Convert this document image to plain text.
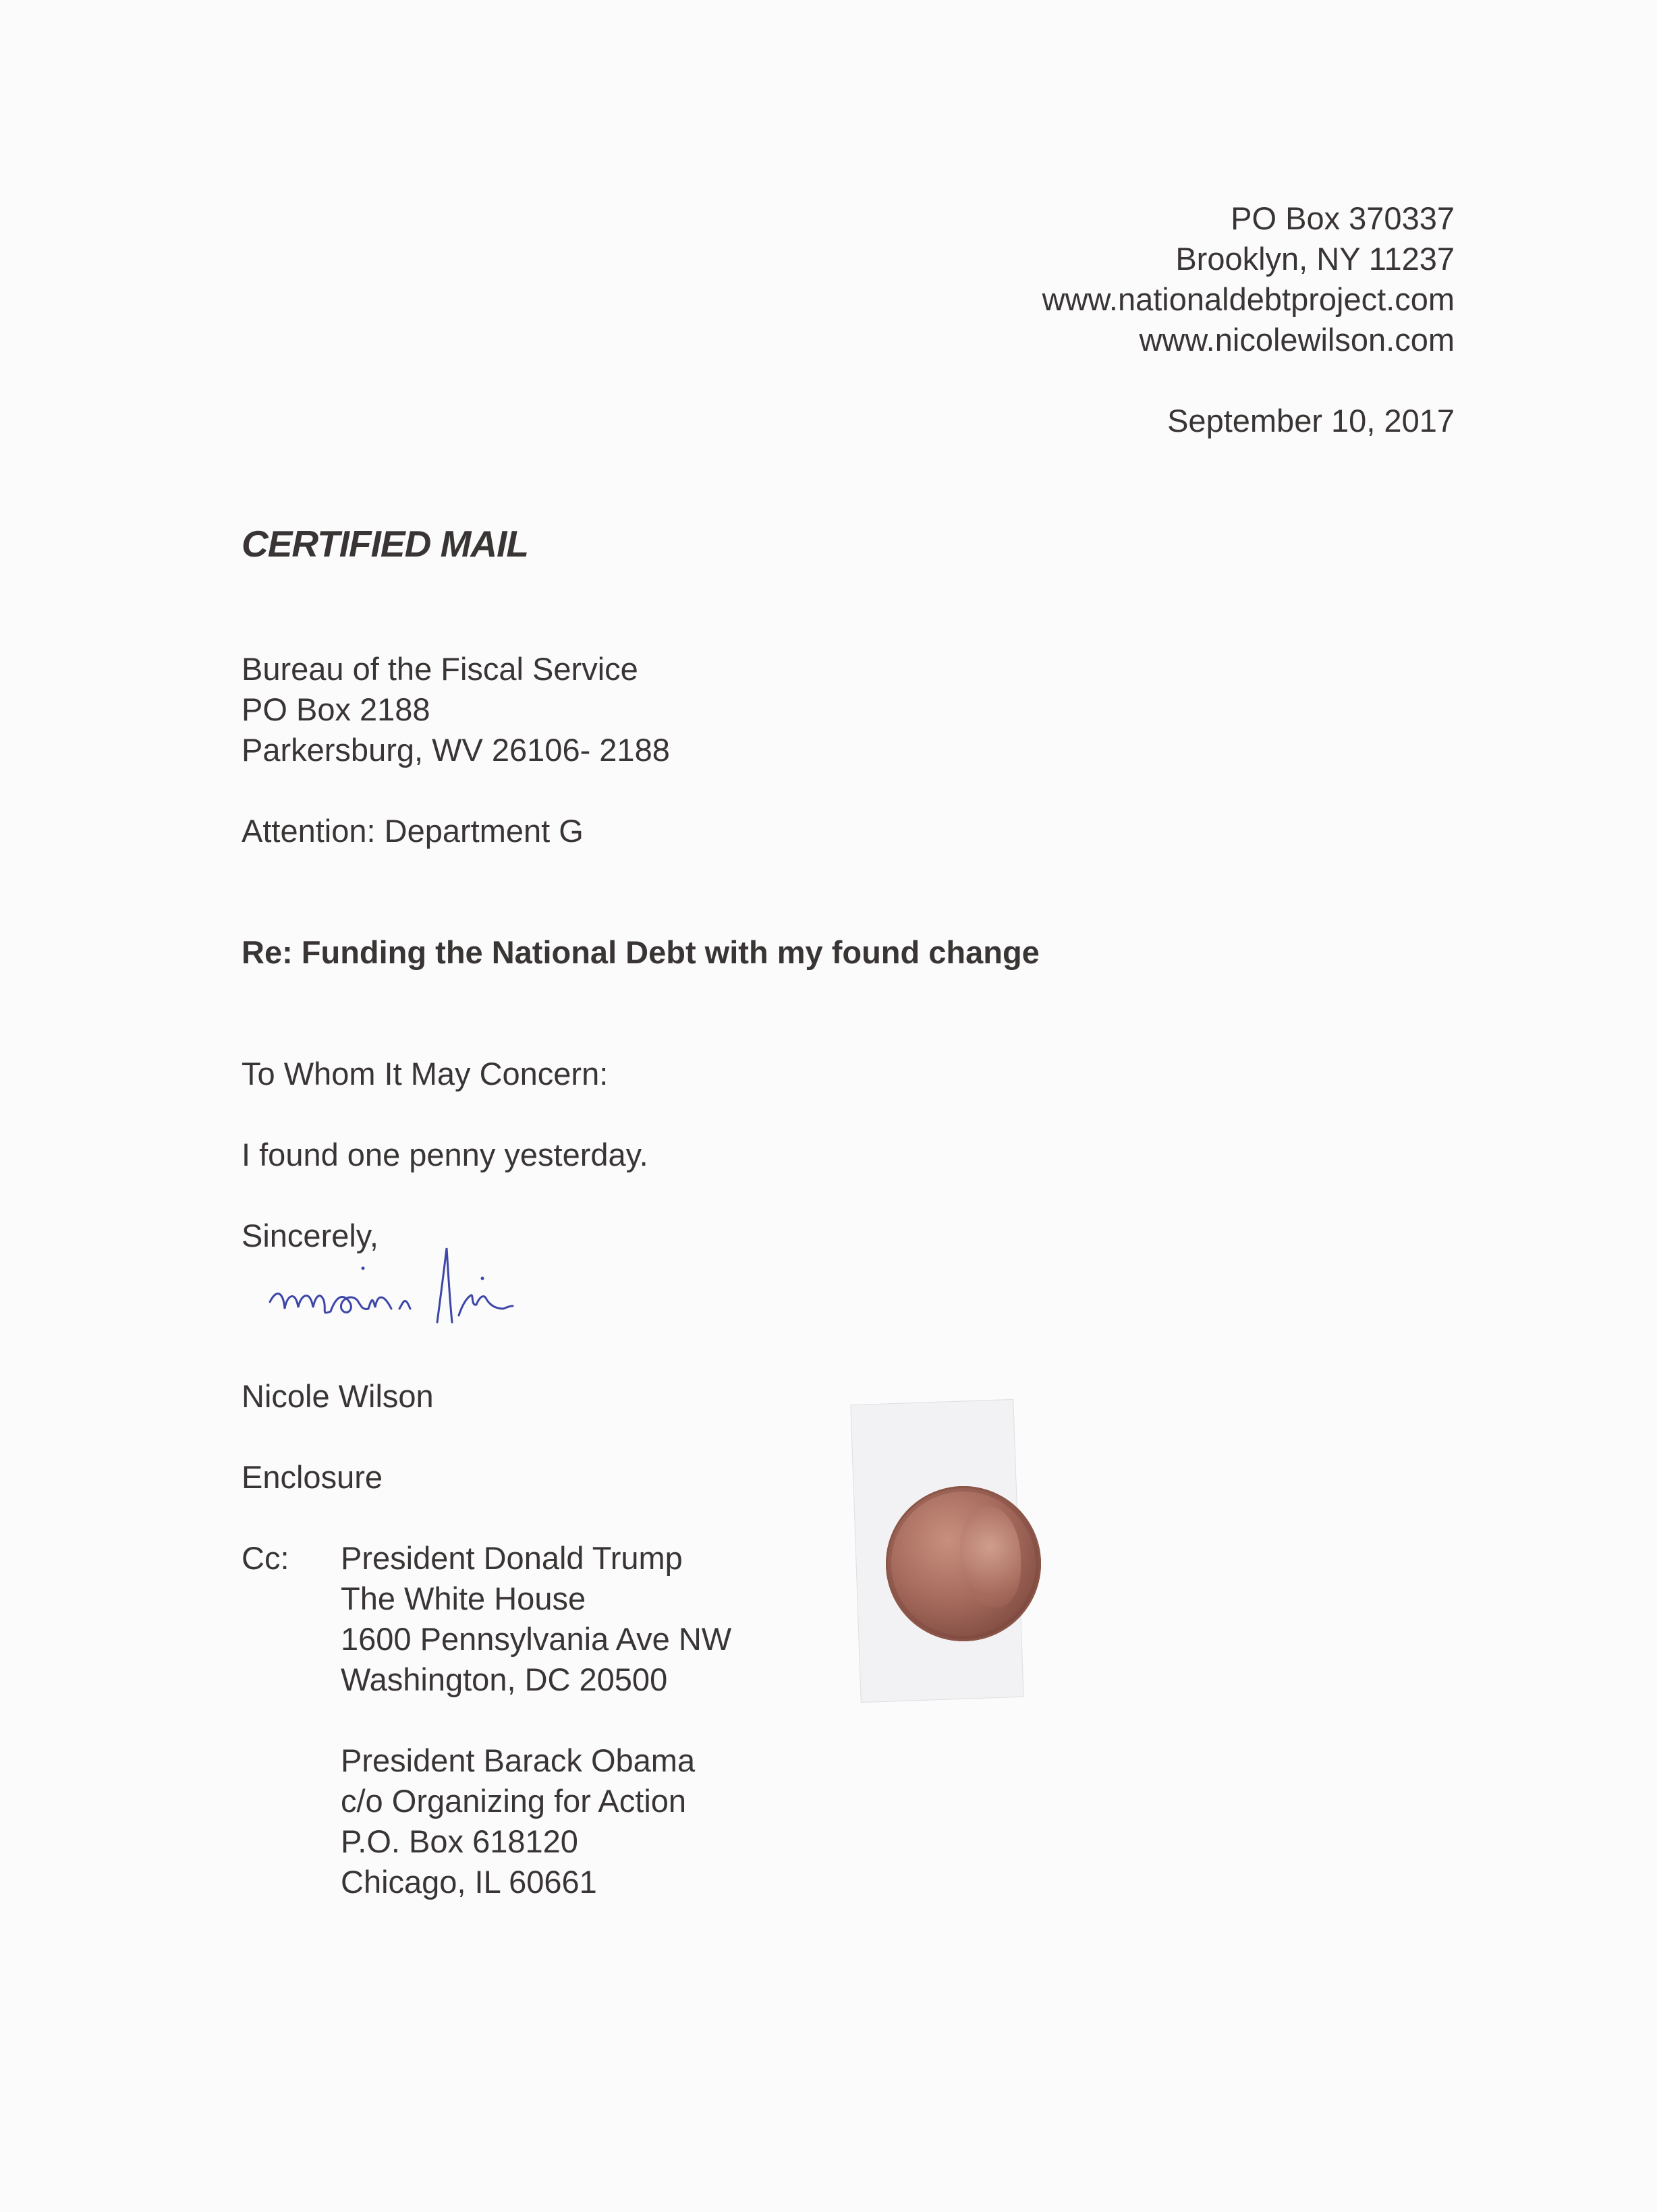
PO Box 370337
Brooklyn, NY 11237
www.nationaldebtproject.com
www.nicolewilson.com
September 10, 2017
CERTIFIED MAIL
Bureau of the Fiscal Service
PO Box 2188
Parkersburg, WV 26106- 2188
Attention: Department G
Re: Funding the National Debt with my found change
To Whom It May Concern:
I found one penny yesterday.
Sincerely,
Nicole Wilson
Enclosure
Cc: President Donald Trump
The White House
1600 Pennsylvania Ave NW
Washington, DC 20500
President Barack Obama
c/o Organizing for Action
P.O. Box 618120
Chicago, IL 60661
